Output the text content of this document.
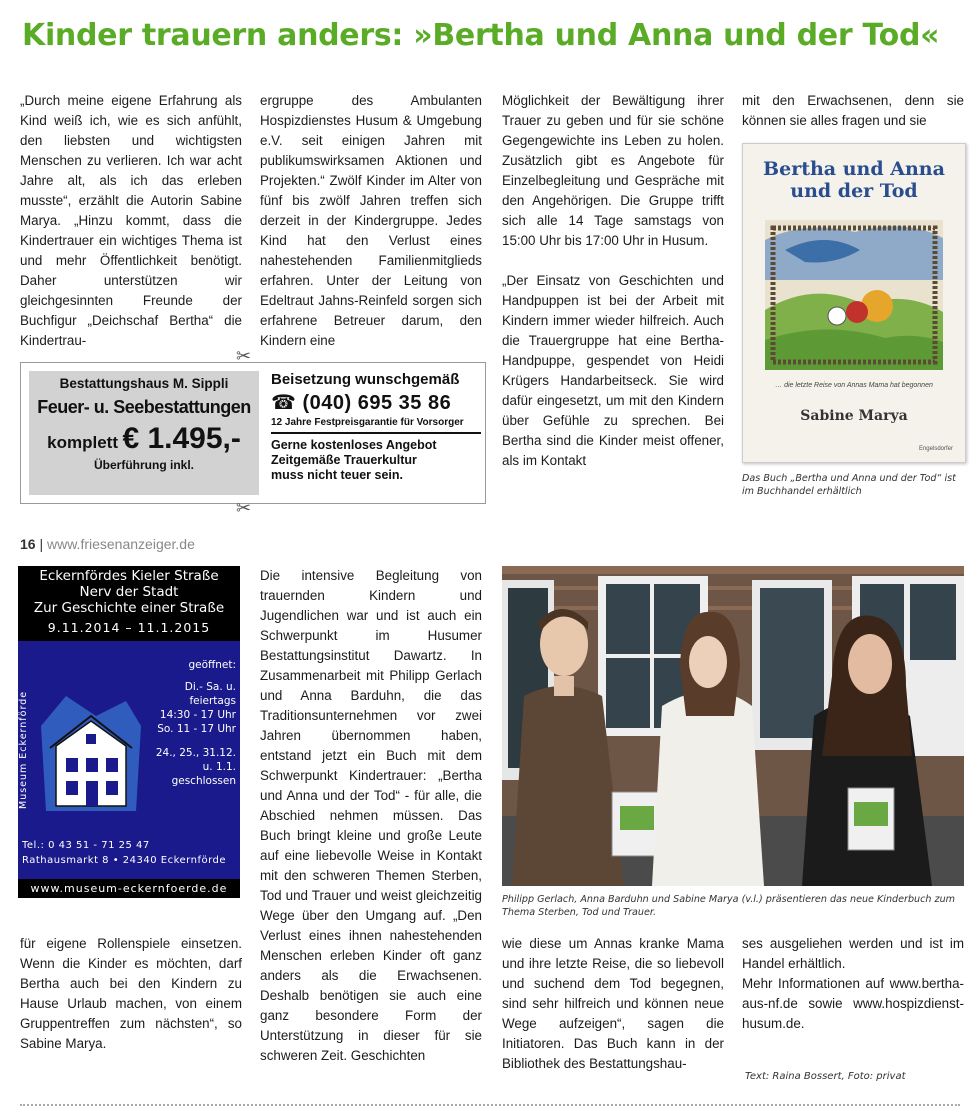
Kinder trauern anders: »Bertha und Anna und der Tod«

„Durch meine eigene Erfahrung als Kind weiß ich, wie es sich anfühlt, den liebsten und wichtigsten Menschen zu verlieren. Ich war acht Jahre alt, als ich das erleben musste“, erzählt die Autorin Sabine Marya. „Hinzu kommt, dass die Kindertrauer ein wichtiges Thema ist und mehr Öffentlichkeit benötigt. Daher unterstützen wir gleichgesinnten Freunde der Buchfigur „Deichschaf Bertha“ die Kindertrau-

ergruppe des Ambulanten Hospizdienstes Husum & Umgebung e.V. seit einigen Jahren mit publikumswirksamen Aktionen und Projekten.“ Zwölf Kinder im Alter von fünf bis zwölf Jahren treffen sich derzeit in der Kindergruppe. Jedes Kind hat den Verlust eines nahestehenden Familienmitglieds erfahren. Unter der Leitung von Edeltraut Jahns-Reinfeld sorgen sich erfahrene Betreuer darum, den Kindern eine

Möglichkeit der Bewältigung ihrer Trauer zu geben und für sie schöne Gegengewichte ins Leben zu holen. Zusätzlich gibt es Angebote für Einzelbegleitung und Gespräche mit den Angehörigen. Die Gruppe trifft sich alle 14 Tage samstags von 15:00 Uhr bis 17:00 Uhr in Husum.

„Der Einsatz von Geschichten und Handpuppen ist bei der Arbeit mit Kindern immer wieder hilfreich. Auch die Trauergruppe hat eine Bertha-Handpuppe, gespendet von Heidi Krügers Handarbeitseck. Sie wird dafür eingesetzt, um mit den Kindern über Gefühle zu sprechen. Bei Bertha sind die Kinder meist offener, als im Kontakt

mit den Erwachsenen, denn sie können sie alles fragen und sie

Bertha und Anna
und der Tod
… die letzte Reise von Annas Mama hat begonnen
Sabine Marya
Engelsdorfer
Das Buch „Bertha und Anna und der Tod“ ist im Buchhandel erhältlich
Bestattungshaus M. Sippli
Feuer- u. Seebestattungen
komplett € 1.495,-
Überführung inkl.
Beisetzung wunschgemäß
☎ (040) 695 35 86
12 Jahre Festpreisgarantie für Vorsorger
Gerne kostenloses Angebot
Zeitgemäße Trauerkultur
muss nicht teuer sein.
✂
✂
16 | www.friesenanzeiger.de
Eckernfördes Kieler Straße
Nerv der Stadt
Zur Geschichte einer Straße
9.11.2014 – 11.1.2015
Museum Eckernförde
geöffnet:
Di.- Sa. u. feiertags
14:30 - 17 Uhr
So. 11 - 17 Uhr
24., 25., 31.12.
u. 1.1. geschlossen
Tel.: 0 43 51 - 71 25 47
Rathausmarkt 8 • 24340 Eckernförde
www.museum-eckernfoerde.de

für eigene Rollenspiele einsetzen. Wenn die Kinder es möchten, darf Bertha auch bei den Kindern zu Hause Urlaub machen, von einem Gruppentreffen zum nächsten“, so Sabine Marya.

Die intensive Begleitung von trauernden Kindern und Jugendlichen war und ist auch ein Schwerpunkt im Husumer Bestattungsinstitut Dawartz. In Zusammenarbeit mit Philipp Gerlach und Anna Barduhn, die das Traditionsunternehmen vor zwei Jahren übernommen haben, entstand jetzt ein Buch mit dem Schwerpunkt Kindertrauer: „Bertha und Anna und der Tod“ - für alle, die Abschied nehmen müssen. Das Buch bringt kleine und große Leute auf eine liebevolle Weise in Kontakt mit den schweren Themen Sterben, Tod und Trauer und weist gleichzeitig Wege über den Umgang auf. „Den Verlust eines ihnen nahestehenden Menschen erleben Kinder oft ganz anders als die Erwachsenen. Deshalb benötigen sie auch eine ganz besondere Form der Unterstützung in dieser für sie schweren Zeit. Geschichten

Philipp Gerlach, Anna Barduhn und Sabine Marya (v.l.) präsentieren das neue Kinderbuch zum Thema Sterben, Tod und Trauer.

wie diese um Annas kranke Mama und ihre letzte Reise, die so liebevoll und suchend dem Tod begegnen, sind sehr hilfreich und können neue Wege aufzeigen“, sagen die Initiatoren. Das Buch kann in der Bibliothek des Bestattungshau-

ses ausgeliehen werden und ist im Handel erhältlich.

Mehr Informationen auf www.bertha-aus-nf.de sowie www.hospizdienst-husum.de.

Text: Raina Bossert, Foto: privat
